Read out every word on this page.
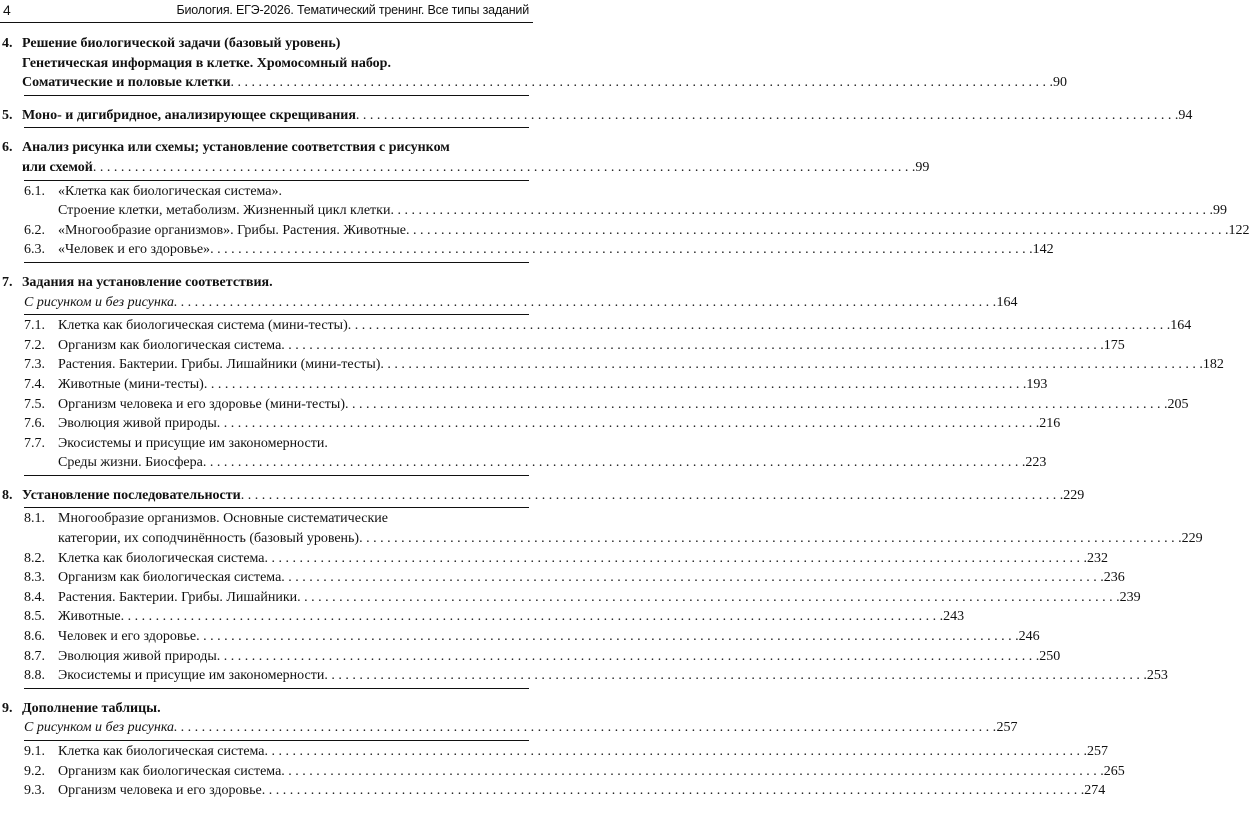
4	Биология. ЕГЭ-2026. Тематический тренинг. Все типы заданий
4. Решение биологической задачи (базовый уровень)
Генетическая информация в клетке. Хромосомный набор.
Соматические и половые клетки . . .	90
5. Моно- и дигибридное, анализирующее скрещивания . . .	94
6. Анализ рисунка или схемы; установление соответствия с рисунком
или схемой . . .	99
6.1. «Клетка как биологическая система».
Строение клетки, метаболизм. Жизненный цикл клетки . . .	99
6.2. «Многообразие организмов». Грибы. Растения. Животные . . .	122
6.3. «Человек и его здоровье» . . .	142
7. Задания на установление соответствия.
С рисунком и без рисунка . . .	164
7.1. Клетка как биологическая система (мини-тесты) . . .	164
7.2. Организм как биологическая система . . .	175
7.3. Растения. Бактерии. Грибы. Лишайники (мини-тесты) . . .	182
7.4. Животные (мини-тесты) . . .	193
7.5. Организм человека и его здоровье (мини-тесты) . . .	205
7.6. Эволюция живой природы . . .	216
7.7. Экосистемы и присущие им закономерности.
Среды жизни. Биосфера . . .	223
8. Установление последовательности . . .	229
8.1. Многообразие организмов. Основные систематические
категории, их соподчинённость (базовый уровень) . . .	229
8.2. Клетка как биологическая система . . .	232
8.3. Организм как биологическая система . . .	236
8.4. Растения. Бактерии. Грибы. Лишайники . . .	239
8.5. Животные . . .	243
8.6. Человек и его здоровье . . .	246
8.7. Эволюция живой природы . . .	250
8.8. Экосистемы и присущие им закономерности . . .	253
9. Дополнение таблицы.
С рисунком и без рисунка . . .	257
9.1. Клетка как биологическая система . . .	257
9.2. Организм как биологическая система . . .	265
9.3. Организм человека и его здоровье . . .	274
